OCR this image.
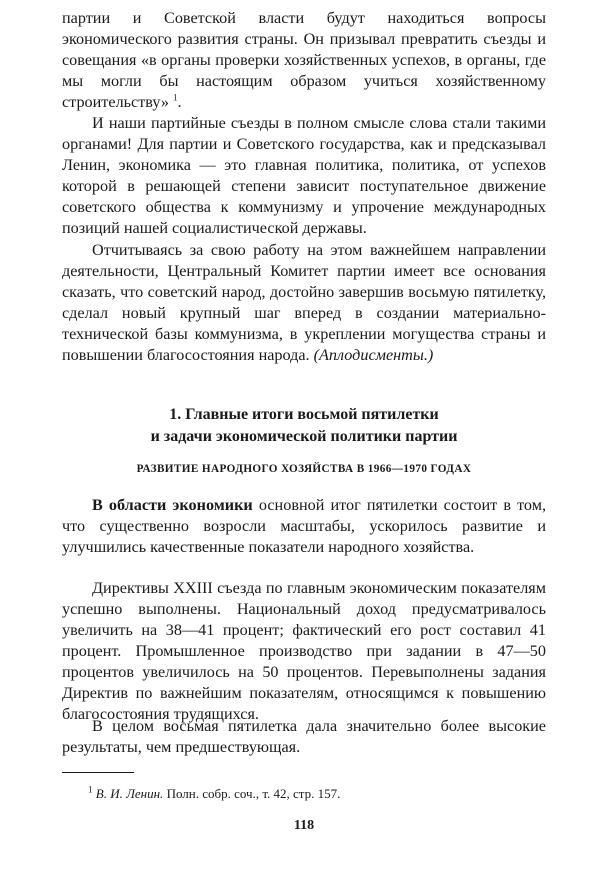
партии и Советской власти будут находиться вопросы экономического развития страны. Он призывал превратить съезды и совещания «в органы проверки хозяйственных успехов, в органы, где мы могли бы настоящим образом учиться хозяйственному строительству» $^1$.

И наши партийные съезды в полном смысле слова стали такими органами! Для партии и Советского государства, как и предсказывал Ленин, экономика — это главная политика, политика, от успехов которой в решающей степени зависит поступательное движение советского общества к коммунизму и упрочение международных позиций нашей социалистической державы.

Отчитываясь за свою работу на этом важнейшем направлении деятельности, Центральный Комитет партии имеет все основания сказать, что советский народ, достойно завершив восьмую пятилетку, сделал новый крупный шаг вперед в создании материально-технической базы коммунизма, в укреплении могущества страны и повышении благосостояния народа. (Аплодисменты.)

1. Главные итоги восьмой пятилетки
и задачи экономической политики партии
РАЗВИТИЕ НАРОДНОГО ХОЗЯЙСТВА В 1966—1970 ГОДАХ

В области экономики основной итог пятилетки состоит в том, что существенно возросли масштабы, ускорилось развитие и улучшились качественные показатели народного хозяйства.

Директивы XXIII съезда по главным экономическим показателям успешно выполнены. Национальный доход предусматривалось увеличить на 38—41 процент; фактический его рост составил 41 процент. Промышленное производство при задании в 47—50 процентов увеличилось на 50 процентов. Перевыполнены задания Директив по важнейшим показателям, относящимся к повышению благосостояния трудящихся.

В целом восьмая пятилетка дала значительно более высокие результаты, чем предшествующая.

$^1$ В. И. Ленин. Полн. собр. соч., т. 42, стр. 157.
118
